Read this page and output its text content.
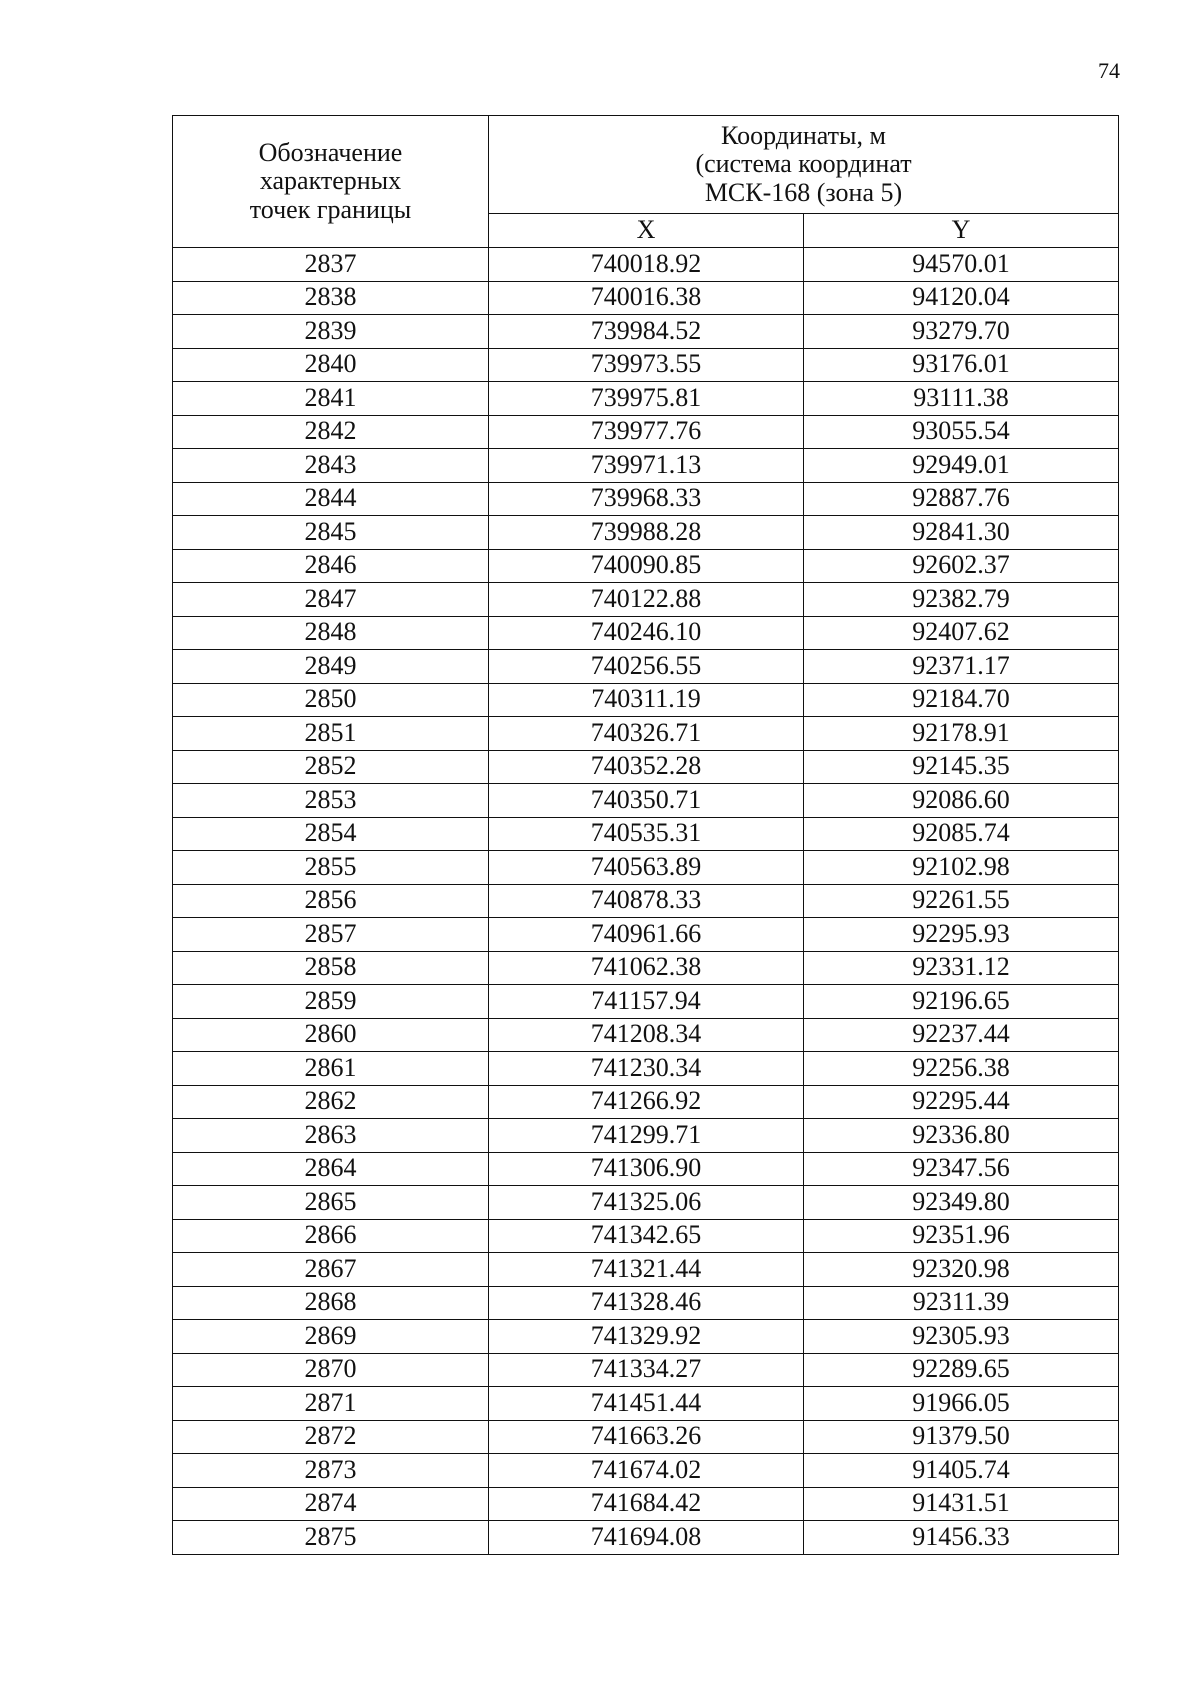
74
Обозначение характерных точек границы	Координаты, м
(система координат
МСК-168 (зона 5)	

	X	Y
2837	740018.92	94570.01
2838	740016.38	94120.04
2839	739984.52	93279.70
2840	739973.55	93176.01
2841	739975.81	93111.38
2842	739977.76	93055.54
2843	739971.13	92949.01
2844	739968.33	92887.76
2845	739988.28	92841.30
2846	740090.85	92602.37
2847	740122.88	92382.79
2848	740246.10	92407.62
2849	740256.55	92371.17
2850	740311.19	92184.70
2851	740326.71	92178.91
2852	740352.28	92145.35
2853	740350.71	92086.60
2854	740535.31	92085.74
2855	740563.89	92102.98
2856	740878.33	92261.55
2857	740961.66	92295.93
2858	741062.38	92331.12
2859	741157.94	92196.65
2860	741208.34	92237.44
2861	741230.34	92256.38
2862	741266.92	92295.44
2863	741299.71	92336.80
2864	741306.90	92347.56
2865	741325.06	92349.80
2866	741342.65	92351.96
2867	741321.44	92320.98
2868	741328.46	92311.39
2869	741329.92	92305.93
2870	741334.27	92289.65
2871	741451.44	91966.05
2872	741663.26	91379.50
2873	741674.02	91405.74
2874	741684.42	91431.51
2875	741694.08	91456.33
